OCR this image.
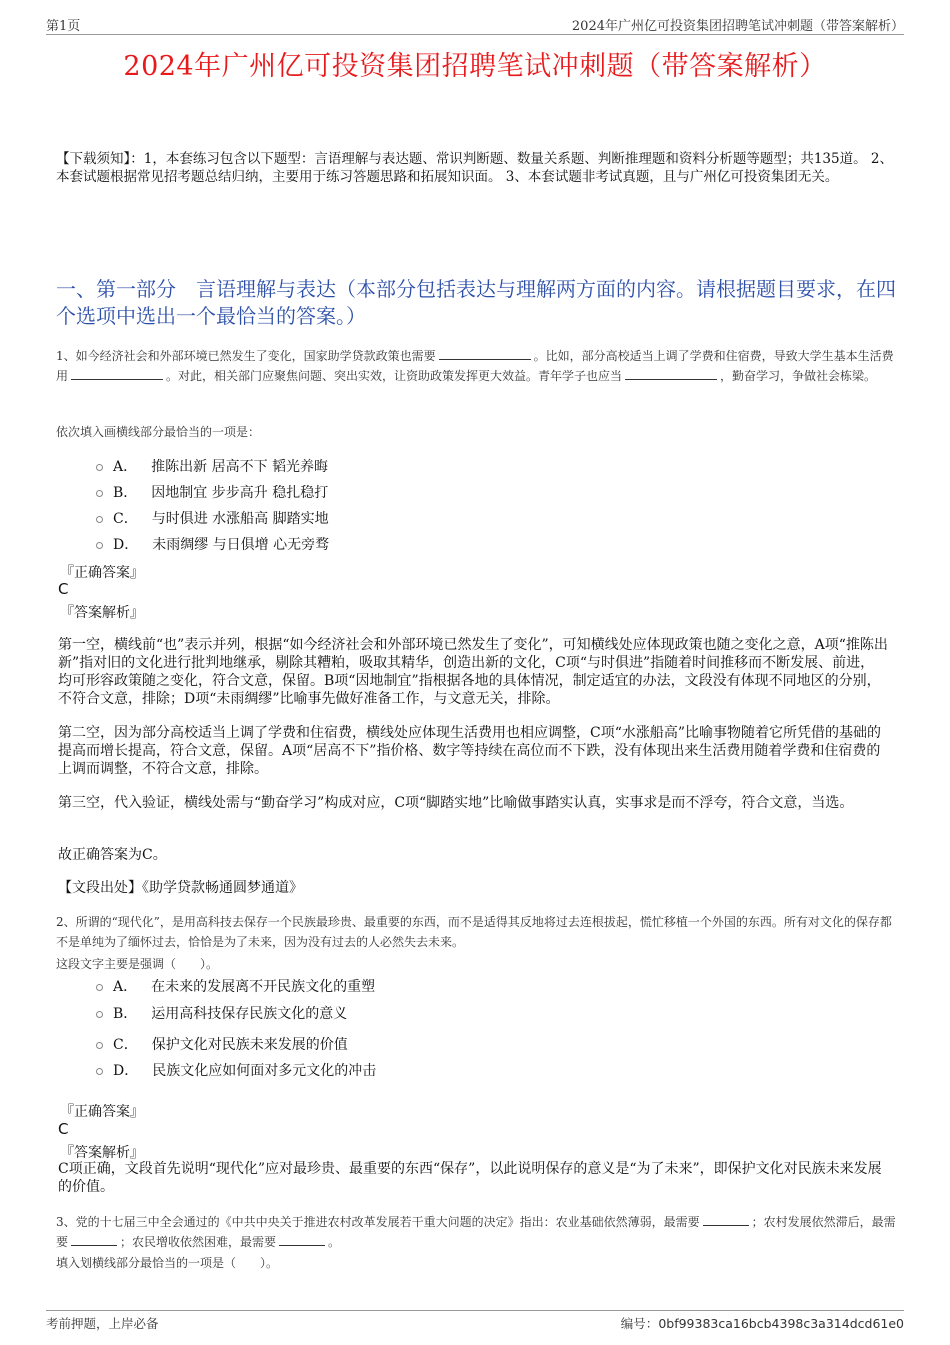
第1页	2024年广州亿可投资集团招聘笔试冲刺题（带答案解析）
2024年广州亿可投资集团招聘笔试冲刺题（带答案解析）
【下载须知】：1，本套练习包含以下题型：言语理解与表达题、常识判断题、数量关系题、判断推理题和资料分析题等题型；共135道。 2、本套试题根据常见招考题总结归纳，主要用于练习答题思路和拓展知识面。 3、本套试题非考试真题，且与广州亿可投资集团无关。
一、第一部分　言语理解与表达（本部分包括表达与理解两方面的内容。请根据题目要求，在四个选项中选出一个最恰当的答案。）
1、如今经济社会和外部环境已然发生了变化，国家助学贷款政策也需要	。比如，部分高校适当上调了学费和住宿费，导致大学生基本生活费用	。对此，相关部门应聚焦问题、突出实效，让资助政策发挥更大效益。青年学子也应当	，勤奋学习，争做社会栋梁。
依次填入画横线部分最恰当的一项是：
A． 推陈出新 居高不下 韬光养晦
B． 因地制宜 步步高升 稳扎稳打
C． 与时俱进 水涨船高 脚踏实地
D． 未雨绸缪 与日俱增 心无旁骛
『正确答案』
C
『答案解析』
第一空，横线前“也”表示并列，根据“如今经济社会和外部环境已然发生了变化”，可知横线处应体现政策也随之变化之意，A项“推陈出新”指对旧的文化进行批判地继承，剔除其糟粕，吸取其精华，创造出新的文化，C项“与时俱进”指随着时间推移而不断发展、前进，均可形容政策随之变化，符合文意，保留。B项“因地制宜”指根据各地的具体情况，制定适宜的办法，文段没有体现不同地区的分别，不符合文意，排除；D项“未雨绸缪”比喻事先做好准备工作，与文意无关，排除。
第二空，因为部分高校适当上调了学费和住宿费，横线处应体现生活费用也相应调整，C项“水涨船高”比喻事物随着它所凭借的基础的提高而增长提高，符合文意，保留。A项“居高不下”指价格、数字等持续在高位而不下跌，没有体现出来生活费用随着学费和住宿费的上调而调整，不符合文意，排除。
第三空，代入验证，横线处需与“勤奋学习”构成对应，C项“脚踏实地”比喻做事踏实认真，实事求是而不浮夸，符合文意，当选。
故正确答案为C。
【文段出处】《助学贷款畅通圆梦通道》
2、所谓的“现代化”，是用高科技去保存一个民族最珍贵、最重要的东西，而不是适得其反地将过去连根拔起，慌忙移植一个外国的东西。所有对文化的保存都不是单纯为了缅怀过去，恰恰是为了未来，因为没有过去的人必然失去未来。
这段文字主要是强调（　　）。
A． 在未来的发展离不开民族文化的重塑
B． 运用高科技保存民族文化的意义
C． 保护文化对民族未来发展的价值
D． 民族文化应如何面对多元文化的冲击
『正确答案』
C
『答案解析』
C项正确，文段首先说明“现代化”应对最珍贵、最重要的东西“保存”，以此说明保存的意义是“为了未来”，即保护文化对民族未来发展的价值。
3、党的十七届三中全会通过的《中共中央关于推进农村改革发展若干重大问题的决定》指出：农业基础依然薄弱，最需要	；农村发展依然滞后，最需要	；农民增收依然困难，最需要	。
填入划横线部分最恰当的一项是（　　）。
考前押题，上岸必备	编号：0bf99383ca16bcb4398c3a314dcd61e0
